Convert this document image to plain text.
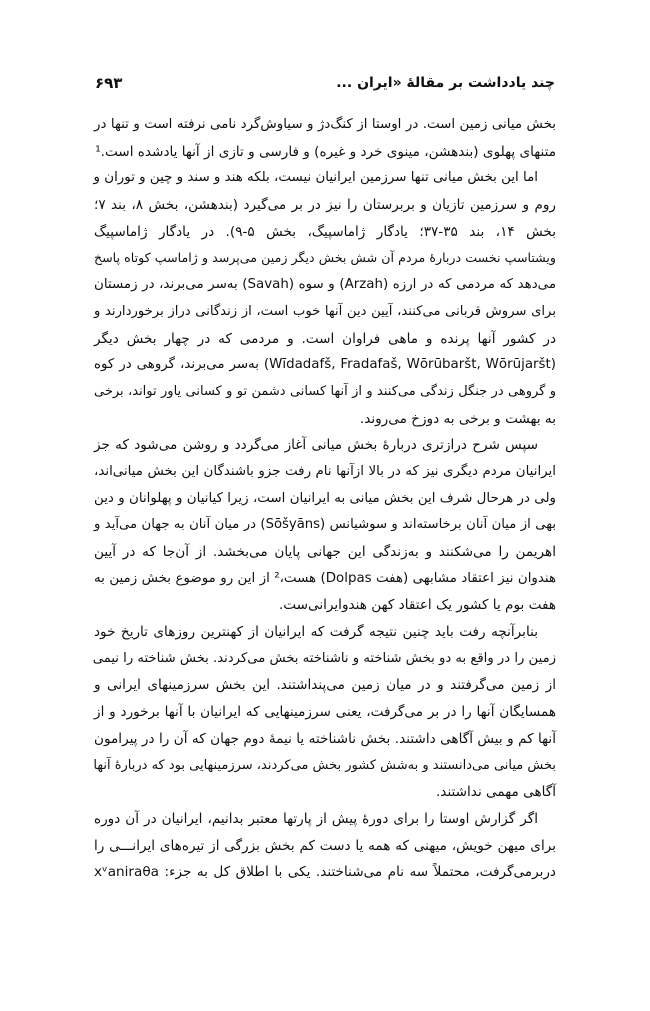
چند یادداشت بر مقالهٔ «ایران ...
۶۹۳
بخش میانی زمین است. در اوستا از کنگ‌دژ و سیاوش‌گرد نامی نرفته است و تنها در
متنهای پهلوی (بندهشن، مینوی خرد و غیره) و فارسی و تازی از آنها یادشده است.¹
اما این بخش میانی تنها سرزمین ایرانیان نیست، بلکه هند و سند و چین و توران و
روم و سرزمین تازیان و بربرستان را نیز در بر می‌گیرد (بندهشن، بخش ۸، بند ۷؛
بخش ۱۴، بند ۳۵-۳۷؛ یادگار ژاماسپیگ، بخش ۵-۹). در یادگار ژاماسپیگ
ویشتاسپ نخست دربارهٔ مردم آن شش بخش دیگر زمین می‌پرسد و ژاماسپ کوتاه پاسخ
می‌دهد که مردمی که در ارزه (Arzah) و سوه (Savah) به‌سر می‌برند، در زمستان
برای سروش قربانی می‌کنند، آیین دین آنها خوب است، از زندگانی دراز برخوردارند و
در کشور آنها پرنده و ماهی فراوان است. و مردمی که در چهار بخش دیگر
(Wīdadafš, Fradafaš, Wōrūbaršt, Wōrūjaršt) به‌سر می‌برند، گروهی در کوه
و گروهی در جنگل زندگی می‌کنند و از آنها کسانی دشمن تو و کسانی یاور تواند، برخی
به بهشت و برخی به دوزخ می‌روند.
سپس شرح درازتری دربارهٔ بخش میانی آغاز می‌گردد و روشن می‌شود که جز
ایرانیان مردم دیگری نیز که در بالا ازآنها نام رفت جزو باشندگان این بخش میانی‌اند،
ولی در هرحال شرف این بخش میانی به ایرانیان است، زیرا کیانیان و پهلوانان و دین
بهی از میان آنان برخاسته‌اند و سوشیانس (Sōšyāns) در میان آنان به جهان می‌آید و
اهریمن را می‌شکنند و به‌زندگی این جهانی پایان می‌بخشد. از آن‌جا که در آیین
هندوان نیز اعتقاد مشابهی (هفت Dolpas) هست،² از این رو موضوع بخش زمین به
هفت بوم یا کشور یک اعتقاد کهن هندوایرانی‌ست.
بنابرآنچه رفت باید چنین نتیجه گرفت که ایرانیان از کهنترین روزهای تاریخ خود
زمین را در واقع به دو بخش شناخته و ناشناخته بخش می‌کردند. بخش شناخته را نیمی
از زمین می‌گرفتند و در میان زمین می‌پنداشتند. این بخش سرزمینهای ایرانی و
همسایگان آنها را در بر می‌گرفت، یعنی سرزمینهایی که ایرانیان با آنها برخورد و از
آنها کم و بیش آگاهی داشتند. بخش ناشناخته یا نیمهٔ دوم جهان که آن را در پیرامون
بخش میانی می‌دانستند و به‌شش کشور بخش می‌کردند، سرزمینهایی بود که دربارهٔ آنها
آگاهی مهمی نداشتند.
اگر گزارش اوستا را برای دورهٔ پیش از پارتها معتبر بدانیم، ایرانیان در آن دوره
برای میهن خویش، میهنی که همه یا دست کم بخش بزرگی از تیره‌های ایرانـــی را
دربرمی‌گرفت، محتملاً سه نام می‌شناختند. یکی با اطلاق کل به جزء: xᵛaniraθa
